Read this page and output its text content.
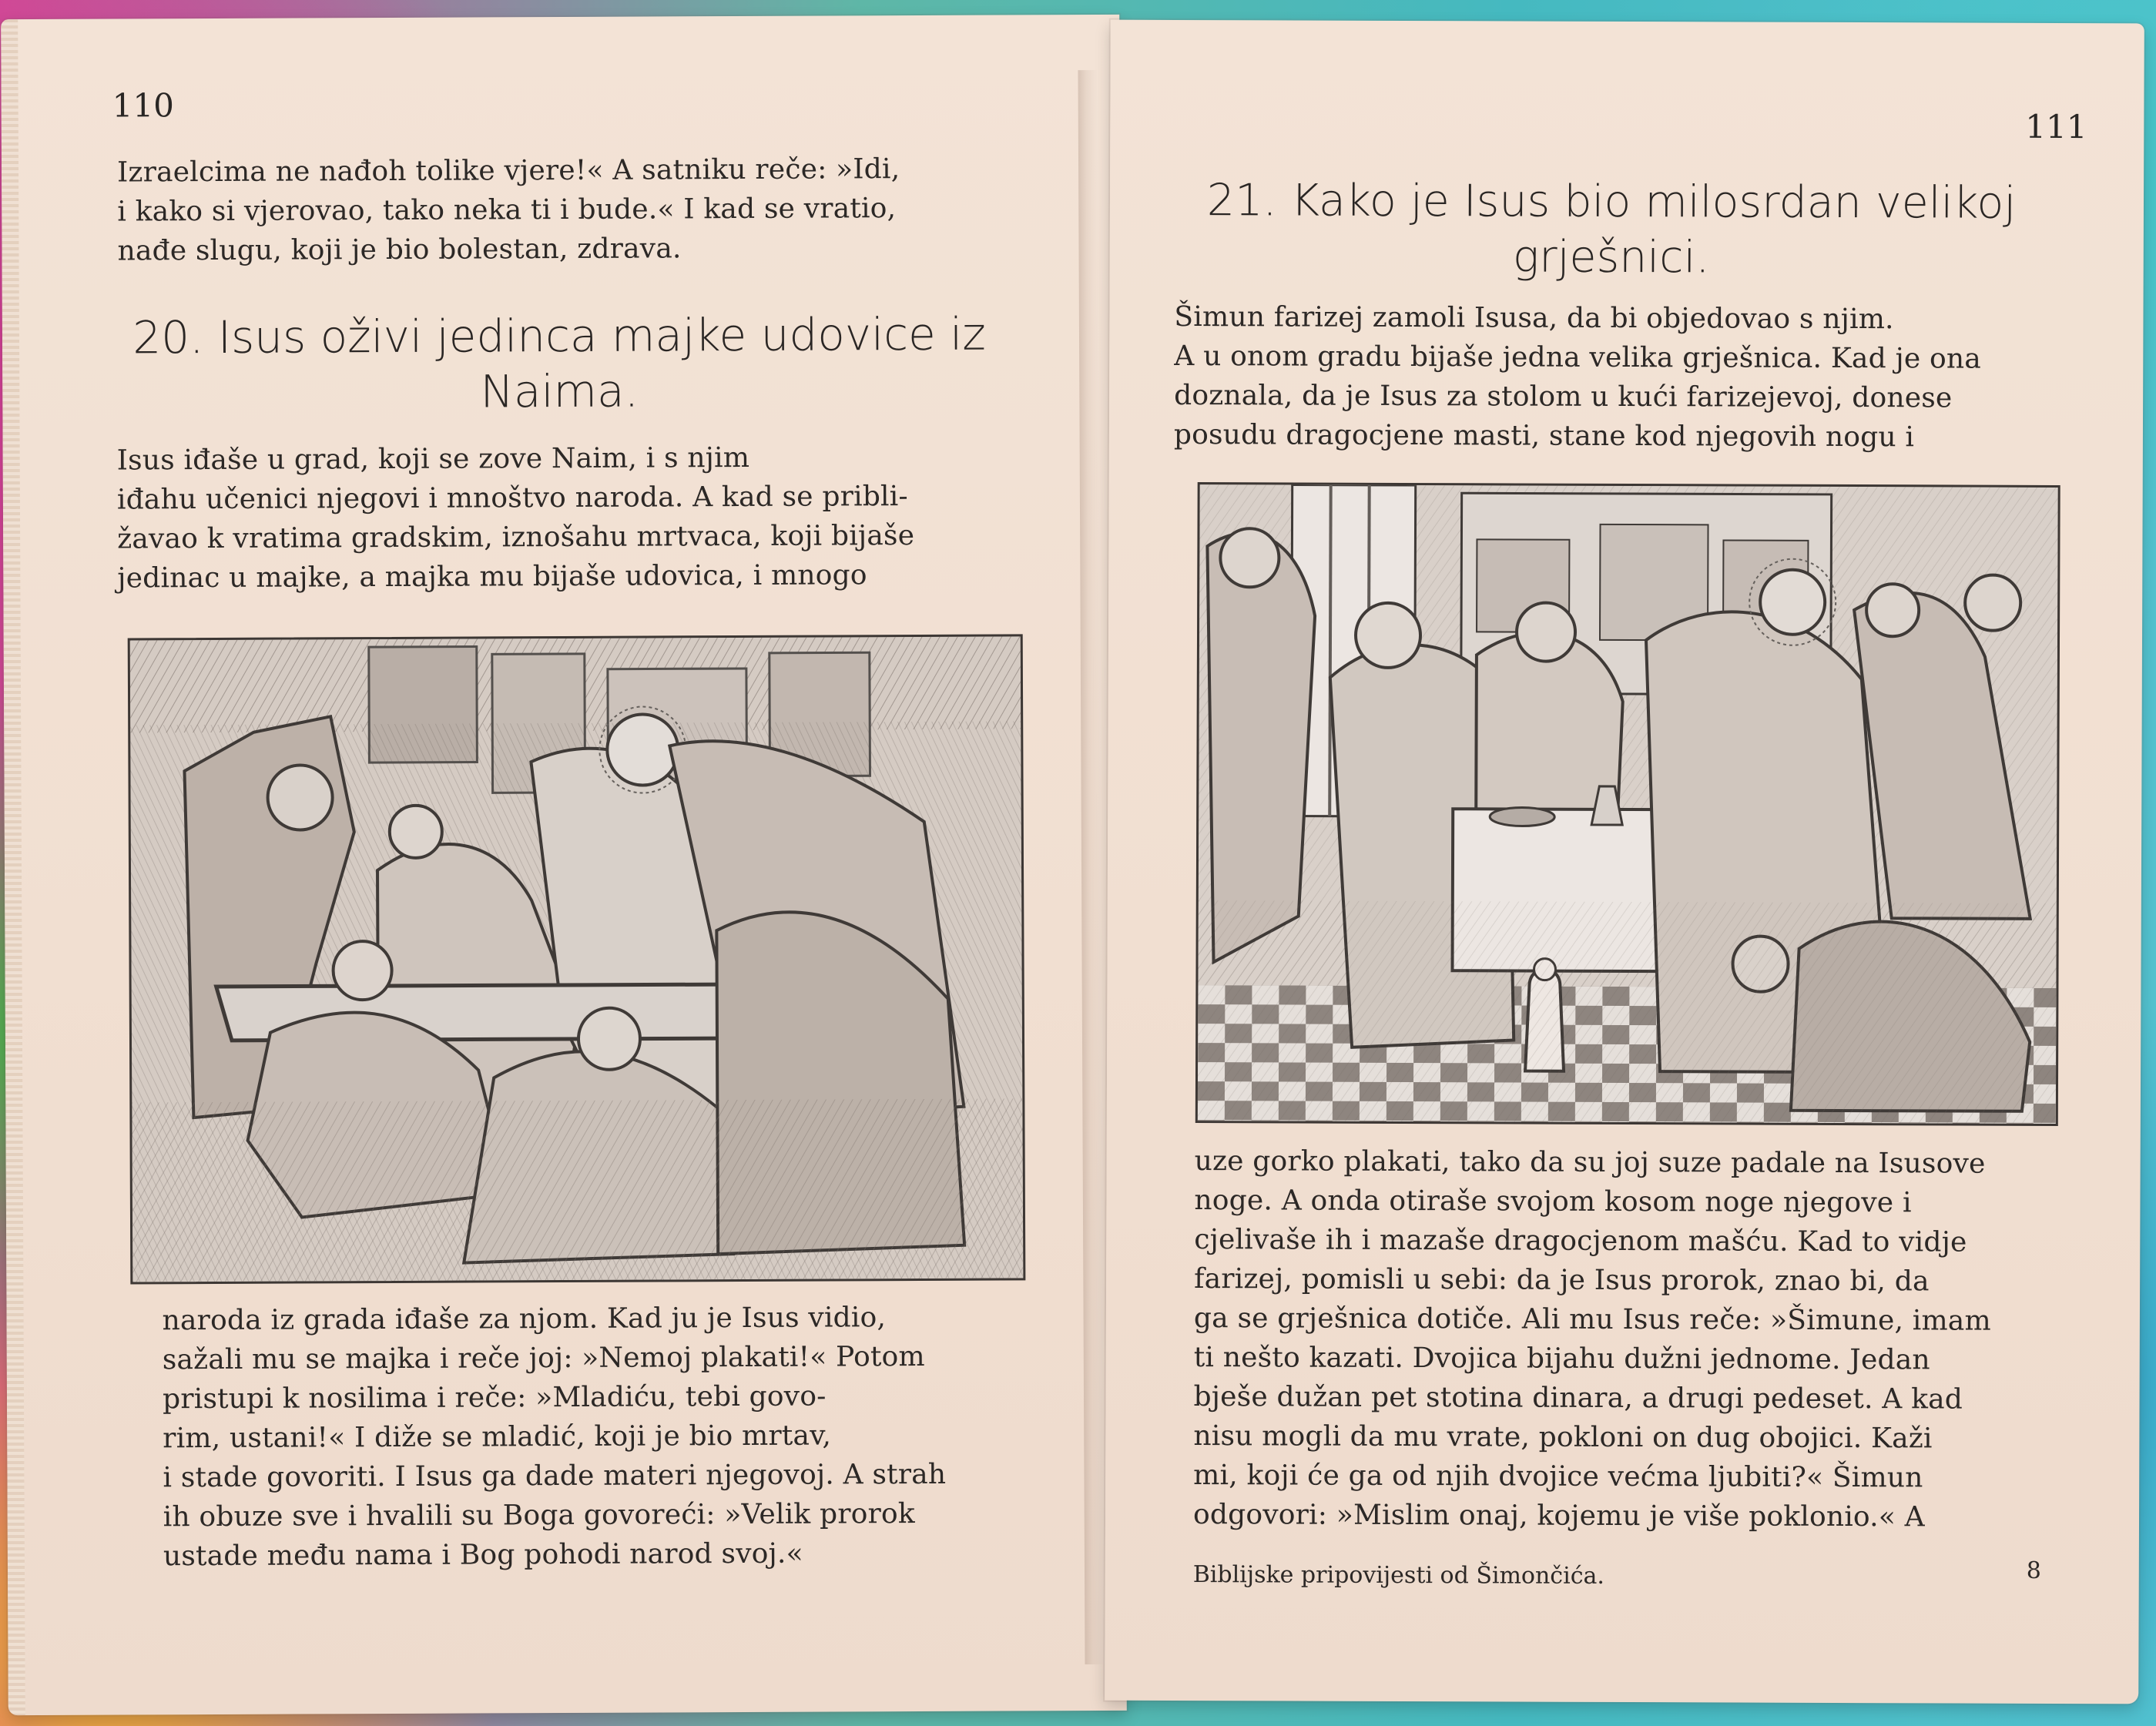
110
Izraelcima ne nađoh tolike vjere!« A satniku reče: »Idi,
i kako si vjerovao, tako neka ti i bude.« I kad se vratio,
nađe slugu, koji je bio bolestan, zdrava.
20. Isus oživi jedinca majke udovice iz Naima.
Isus iđaše u grad, koji se zove Naim, i s njim
iđahu učenici njegovi i mnoštvo naroda. A kad se pribli-
žavao k vratima gradskim, iznošahu mrtvaca, koji bijaše
jedinac u majke, a majka mu bijaše udovica, i mnogo
naroda iz grada iđaše za njom. Kad ju je Isus vidio,
sažali mu se majka i reče joj: »Nemoj plakati!« Potom
pristupi k nosilima i reče: »Mladiću, tebi govo-
rim, ustani!« I diže se mladić, koji je bio mrtav,
i stade govoriti. I Isus ga dade materi njegovoj. A strah
ih obuze sve i hvalili su Boga govoreći: »Velik prorok
ustade među nama i Bog pohodi narod svoj.«
111
21. Kako je Isus bio milosrdan velikoj grješnici.
Šimun farizej zamoli Isusa, da bi objedovao s njim.
A u onom gradu bijaše jedna velika grješnica. Kad je ona
doznala, da je Isus za stolom u kući farizejevoj, donese
posudu dragocjene masti, stane kod njegovih nogu i
uze gorko plakati, tako da su joj suze padale na Isusove
noge. A onda otiraše svojom kosom noge njegove i
cjelivaše ih i mazaše dragocjenom mašću. Kad to vidje
farizej, pomisli u sebi: da je Isus prorok, znao bi, da
ga se grješnica dotiče. Ali mu Isus reče: »Šimune, imam
ti nešto kazati. Dvojica bijahu dužni jednome. Jedan
bješe dužan pet stotina dinara, a drugi pedeset. A kad
nisu mogli da mu vrate, pokloni on dug obojici. Kaži
mi, koji će ga od njih dvojice većma ljubiti?« Šimun
odgovori: »Mislim onaj, kojemu je više poklonio.« A
Biblijske pripovijesti od Šimončića.	8
